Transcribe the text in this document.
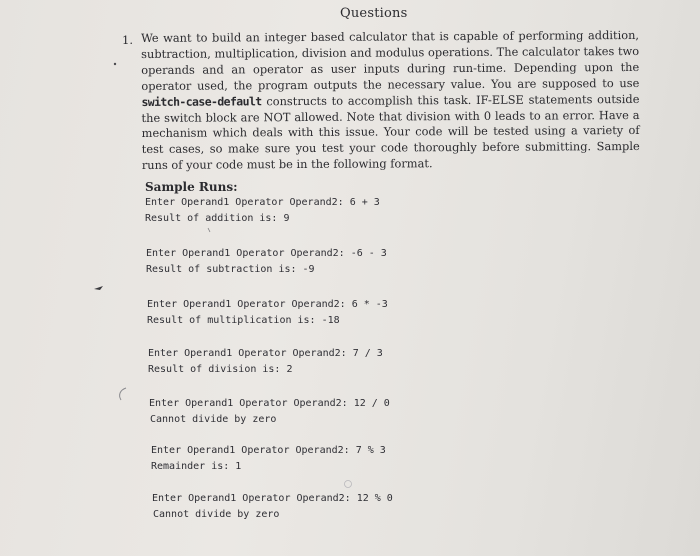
Questions
1. We want to build an integer based calculator that is capable of performing addition, subtraction, multiplication, division and modulus operations. The calculator takes two operands and an operator as user inputs during run-time. Depending upon the operator used, the program outputs the necessary value. You are supposed to use switch-case-default constructs to accomplish this task. IF-ELSE statements outside the switch block are NOT allowed. Note that division with 0 leads to an error. Have a mechanism which deals with this issue. Your code will be tested using a variety of test cases, so make sure you test your code thoroughly before submitting. Sample runs of your code must be in the following format.
Sample Runs:
Enter Operand1 Operator Operand2: 6 + 3
Result of addition is: 9
Enter Operand1 Operator Operand2: -6 - 3
Result of subtraction is: -9
Enter Operand1 Operator Operand2: 6 * -3
Result of multiplication is: -18
Enter Operand1 Operator Operand2: 7 / 3
Result of division is: 2
Enter Operand1 Operator Operand2: 12 / 0
Cannot divide by zero
Enter Operand1 Operator Operand2: 7 % 3
Remainder is: 1
Enter Operand1 Operator Operand2: 12 % 0
Cannot divide by zero
